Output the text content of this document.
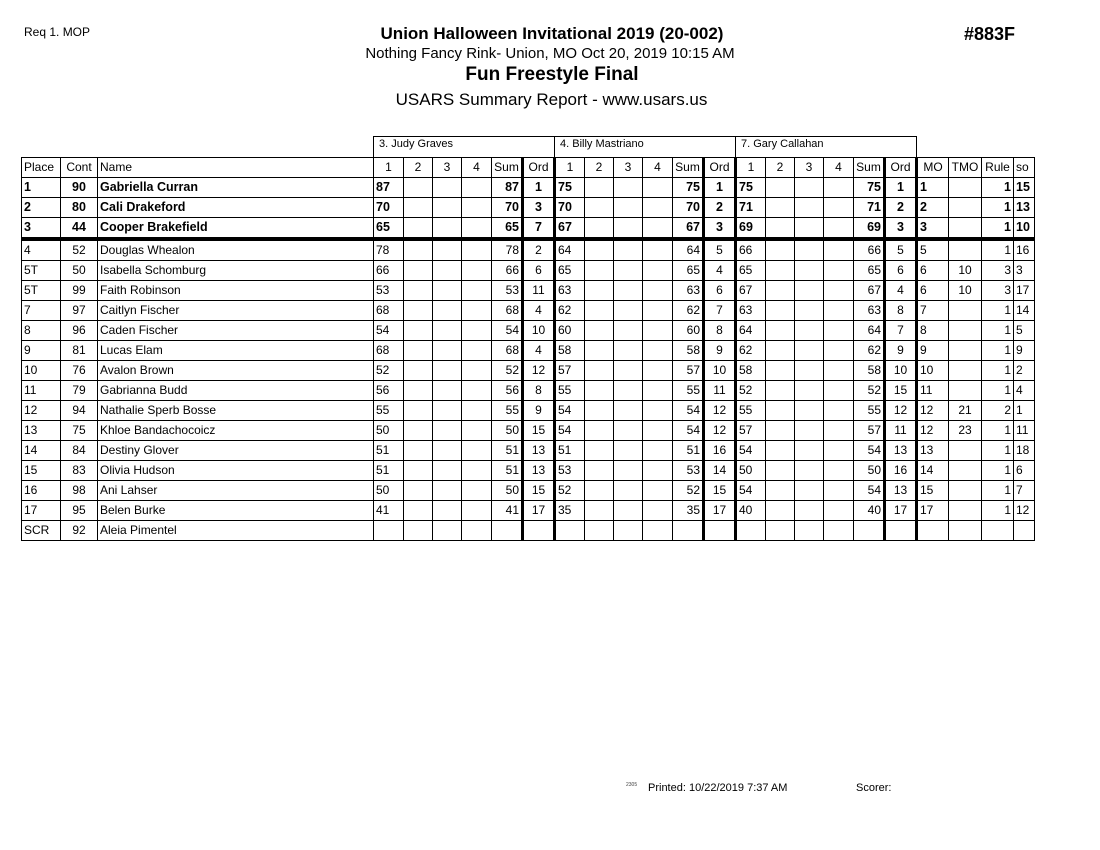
Req 1. MOP	#883F
Union Halloween Invitational 2019 (20-002)
Nothing Fancy Rink- Union, MO Oct 20, 2019 10:15 AM
Fun Freestyle Final
USARS Summary Report - www.usars.us
			3. Judy Graves						4. Billy Mastriano						7. Gary Callahan									
Place	Cont	Name	1	2	3	4	Sum	Ord	1	2	3	4	Sum	Ord	1	2	3	4	Sum	Ord	MO	TMO	Rule	so
1	90	Gabriella Curran	87				87	1	75				75	1	75				75	1	1		1	15
2	80	Cali Drakeford	70				70	3	70				70	2	71				71	2	2		1	13
3	44	Cooper Brakefield	65				65	7	67				67	3	69				69	3	3		1	10
4	52	Douglas Whealon	78				78	2	64				64	5	66				66	5	5		1	16
5T	50	Isabella Schomburg	66				66	6	65				65	4	65				65	6	6	10	3	3
5T	99	Faith Robinson	53				53	11	63				63	6	67				67	4	6	10	3	17
7	97	Caitlyn Fischer	68				68	4	62				62	7	63				63	8	7		1	14
8	96	Caden Fischer	54				54	10	60				60	8	64				64	7	8		1	5
9	81	Lucas Elam	68				68	4	58				58	9	62				62	9	9		1	9
10	76	Avalon Brown	52				52	12	57				57	10	58				58	10	10		1	2
11	79	Gabrianna Budd	56				56	8	55				55	11	52				52	15	11		1	4
12	94	Nathalie Sperb Bosse	55				55	9	54				54	12	55				55	12	12	21	2	1
13	75	Khloe Bandachocoicz	50				50	15	54				54	12	57				57	11	12	23	1	11
14	84	Destiny Glover	51				51	13	51				51	16	54				54	13	13		1	18
15	83	Olivia Hudson	51				51	13	53				53	14	50				50	16	14		1	6
16	98	Ani Lahser	50				50	15	52				52	15	54				54	13	15		1	7
17	95	Belen Burke	41				41	17	35				35	17	40				40	17	17		1	12
SCR	92	Aleia Pimentel																						
2305 Printed: 10/22/2019 7:37 AM	Scorer:
